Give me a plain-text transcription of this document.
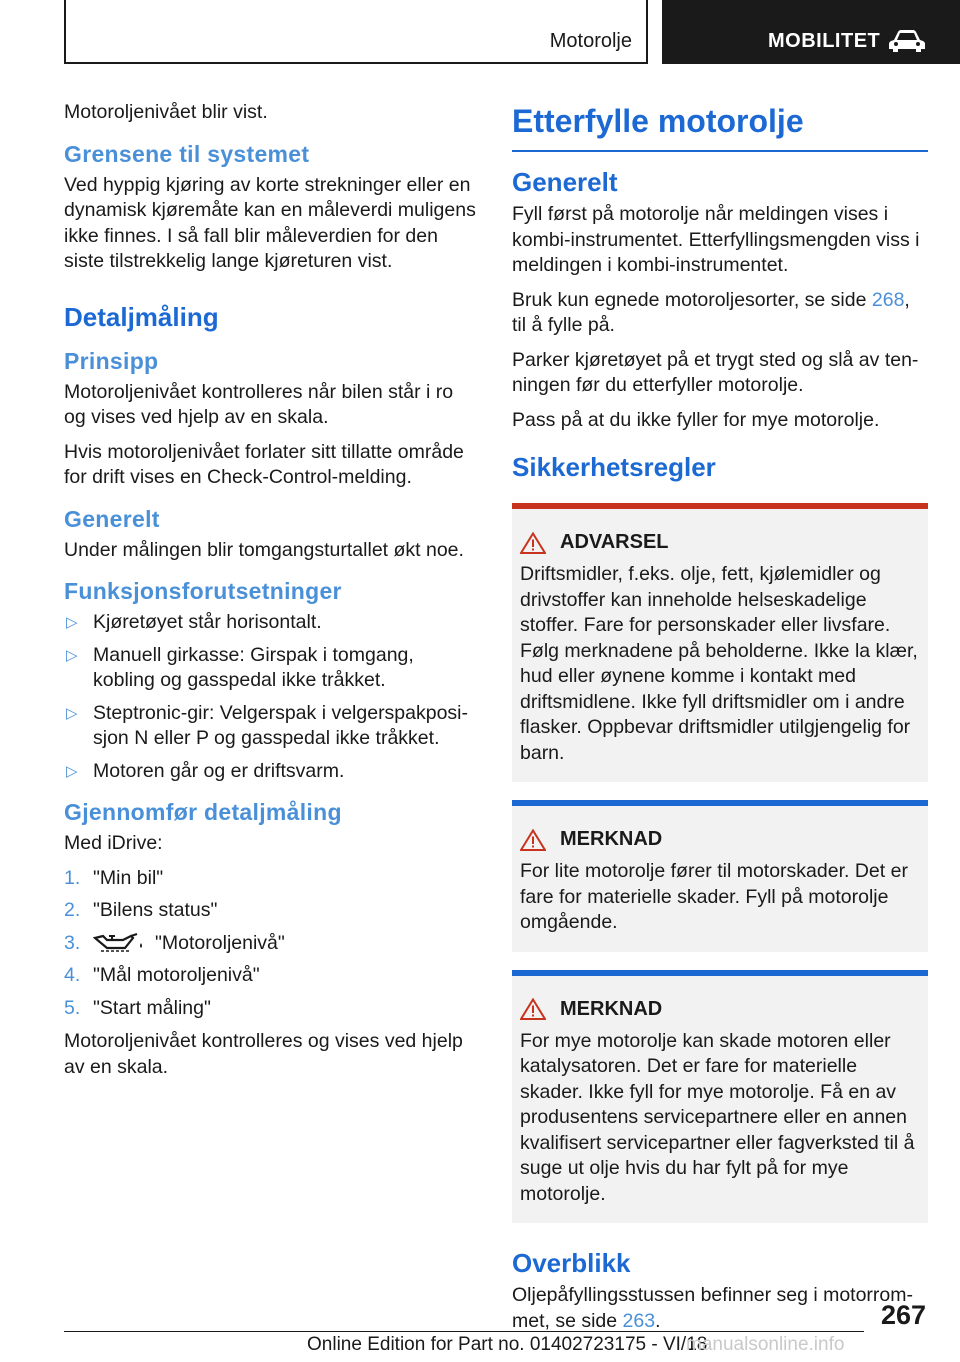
Motorolje	MOBILITET

Motoroljenivået blir vist.

Grensene til systemet

Ved hyppig kjøring av korte strekninger eller en dynamisk kjøremåte kan en måleverdi muligens ikke finnes. I så fall blir måleverdien for den siste tilstrekkelig lange kjøreturen vist.

Detaljmåling
Prinsipp

Motoroljenivået kontrolleres når bilen står i ro og vises ved hjelp av en skala.

Hvis motoroljenivået forlater sitt tillatte område for drift vises en Check-Control-melding.

Generelt

Under målingen blir tomgangsturtallet økt noe.

Funksjonsforutsetninger
▷ Kjøretøyet står horisontalt.
▷ Manuell girkasse: Girspak i tomgang, kobling og gasspedal ikke tråkket.
▷ Steptronic-gir: Velgerspak i velgerspakposisjon N eller P og gasspedal ikke tråkket.
▷ Motoren går og er driftsvarm.
Gjennomfør detaljmåling

Med iDrive:

1. "Min bil"
2. "Bilens status"
3.	"Motoroljenivå"
4. "Mål motoroljenivå"
5. "Start måling"

Motoroljenivået kontrolleres og vises ved hjelp av en skala.

Etterfylle motorolje
Generelt

Fyll først på motorolje når meldingen vises i kombi-instrumentet. Etterfyllingsmengden viss i meldingen i kombi-instrumentet.

Bruk kun egnede motoroljesorter, se side 268, til å fylle på.

Parker kjøretøyet på et trygt sted og slå av tenningen før du etterfyller motorolje.

Pass på at du ikke fyller for mye motorolje.

Sikkerhetsregler
ADVARSEL

Driftsmidler, f.eks. olje, fett, kjølemidler og drivstoffer kan inneholde helseskadelige stoffer. Fare for personskader eller livsfare. Følg merknadene på beholderne. Ikke la klær, hud eller øynene komme i kontakt med driftsmidlene. Ikke fyll driftsmidler om i andre flasker. Oppbevar driftsmidler utilgjengelig for barn.

MERKNAD

For lite motorolje fører til motorskader. Det er fare for materielle skader. Fyll på motorolje omgående.

MERKNAD

For mye motorolje kan skade motoren eller katalysatoren. Det er fare for materielle skader. Ikke fyll for mye motorolje. Få en av produsentens servicepartnere eller en annen kvalifisert servicepartner eller fagverksted til å suge ut olje hvis du har fylt på for mye motorolje.

Overblikk

Oljepåfyllingsstussen befinner seg i motorrommet, se side 263.	267
Online Edition for Part no. 01402723175 - VI/18
manualsonline.info
